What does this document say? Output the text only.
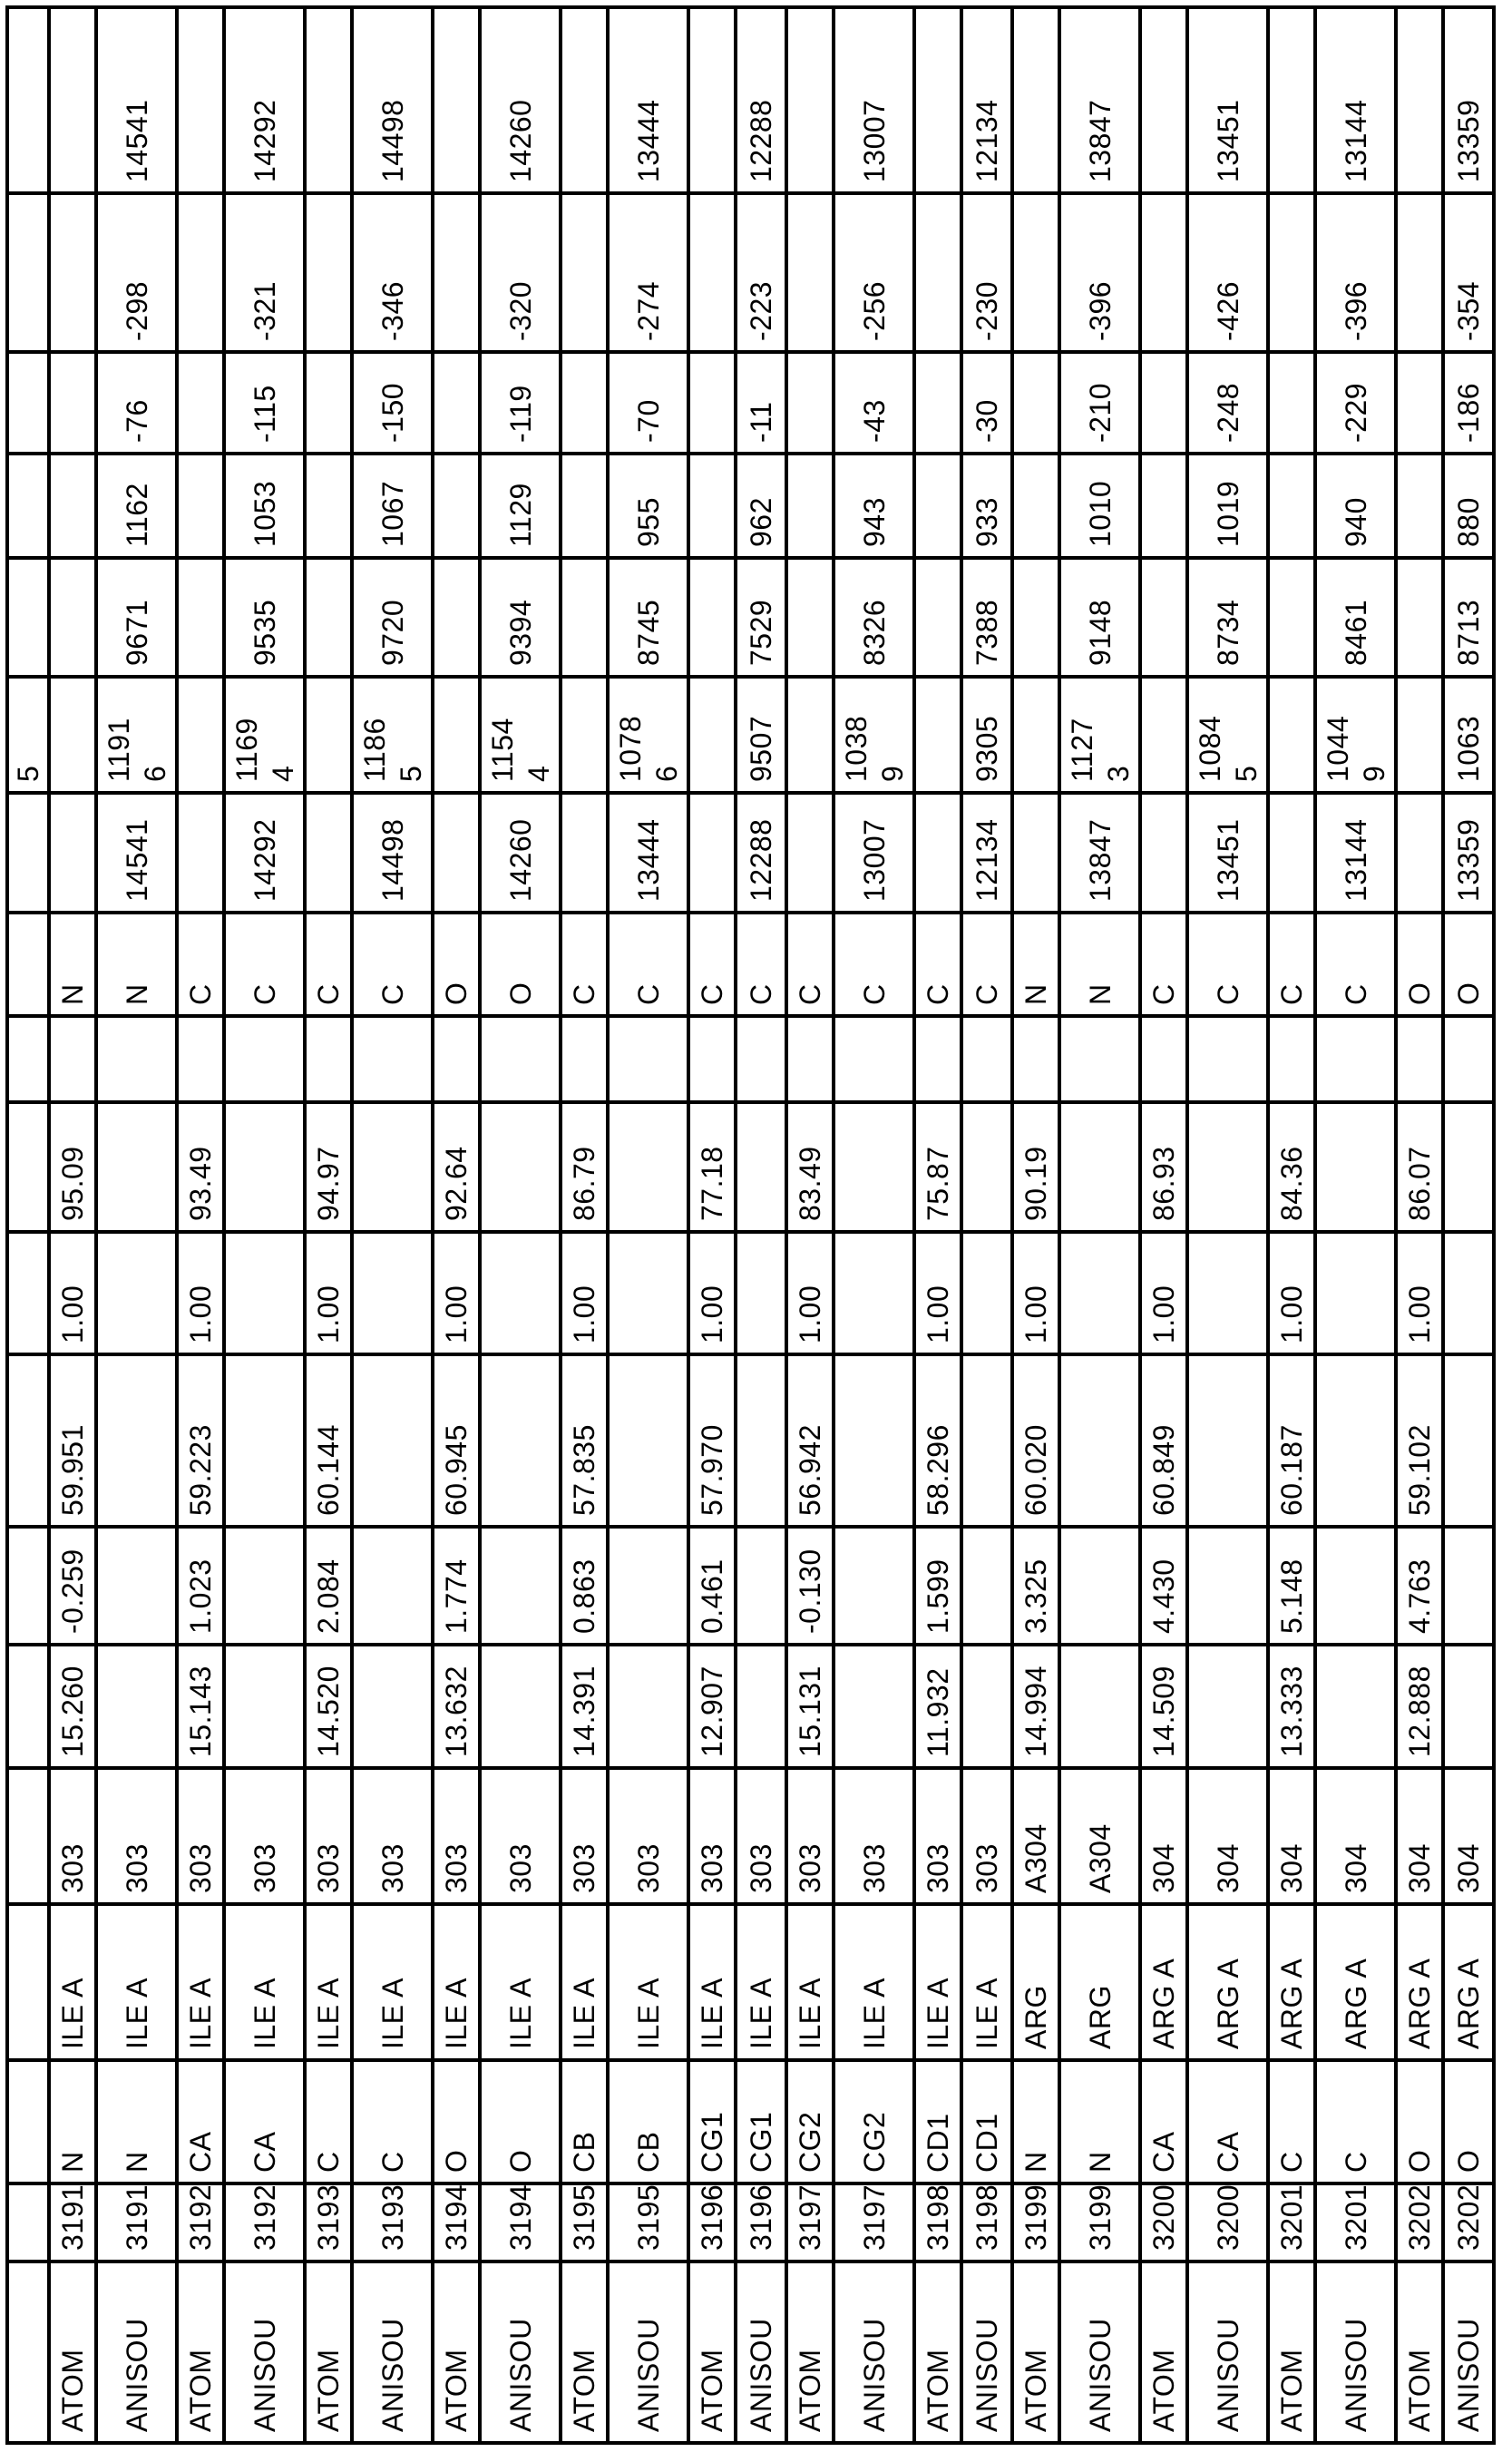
5
N
95.09
1.00
59.951
-0.259
15.260
303
ILE A
N
3191
ATOM
14541
-298
-76
1162
9671
1191 6
14541
N
303
ILE A
N
3191
ANISOU
C
93.49
1.00
59.223
1.023
15.143
303
ILE A
CA
3192
ATOM
14292
-321
-115
1053
9535
1169 4
14292
C
303
ILE A
CA
3192
ANISOU
C
94.97
1.00
60.144
2.084
14.520
303
ILE A
C
3193
ATOM
14498
-346
-150
1067
9720
1186 5
14498
C
303
ILE A
C
3193
ANISOU
O
92.64
1.00
60.945
1.774
13.632
303
ILE A
O
3194
ATOM
14260
-320
-119
1129
9394
1154 4
14260
O
303
ILE A
O
3194
ANISOU
C
86.79
1.00
57.835
0.863
14.391
303
ILE A
CB
3195
ATOM
13444
-274
-70
955
8745
1078 6
13444
C
303
ILE A
CB
3195
ANISOU
C
77.18
1.00
57.970
0.461
12.907
303
ILE A
CG1
3196
ATOM
12288
-223
-11
962
7529
9507
12288
C
303
ILE A
CG1
3196
ANISOU
C
83.49
1.00
56.942
-0.130
15.131
303
ILE A
CG2
3197
ATOM
13007
-256
-43
943
8326
1038 9
13007
C
303
ILE A
CG2
3197
ANISOU
C
75.87
1.00
58.296
1.599
11.932
303
ILE A
CD1
3198
ATOM
12134
-230
-30
933
7388
9305
12134
C
303
ILE A
CD1
3198
ANISOU
N
90.19
1.00
60.020
3.325
14.994
A304
ARG
N
3199
ATOM
13847
-396
-210
1010
9148
1127 3
13847
N
A304
ARG
N
3199
ANISOU
C
86.93
1.00
60.849
4.430
14.509
304
ARG A
CA
3200
ATOM
13451
-426
-248
1019
8734
1084 5
13451
C
304
ARG A
CA
3200
ANISOU
C
84.36
1.00
60.187
5.148
13.333
304
ARG A
C
3201
ATOM
13144
-396
-229
940
8461
1044 9
13144
C
304
ARG A
C
3201
ANISOU
O
86.07
1.00
59.102
4.763
12.888
304
ARG A
O
3202
ATOM
13359
-354
-186
880
8713
1063
13359
O
304
ARG A
O
3202
ANISOU
